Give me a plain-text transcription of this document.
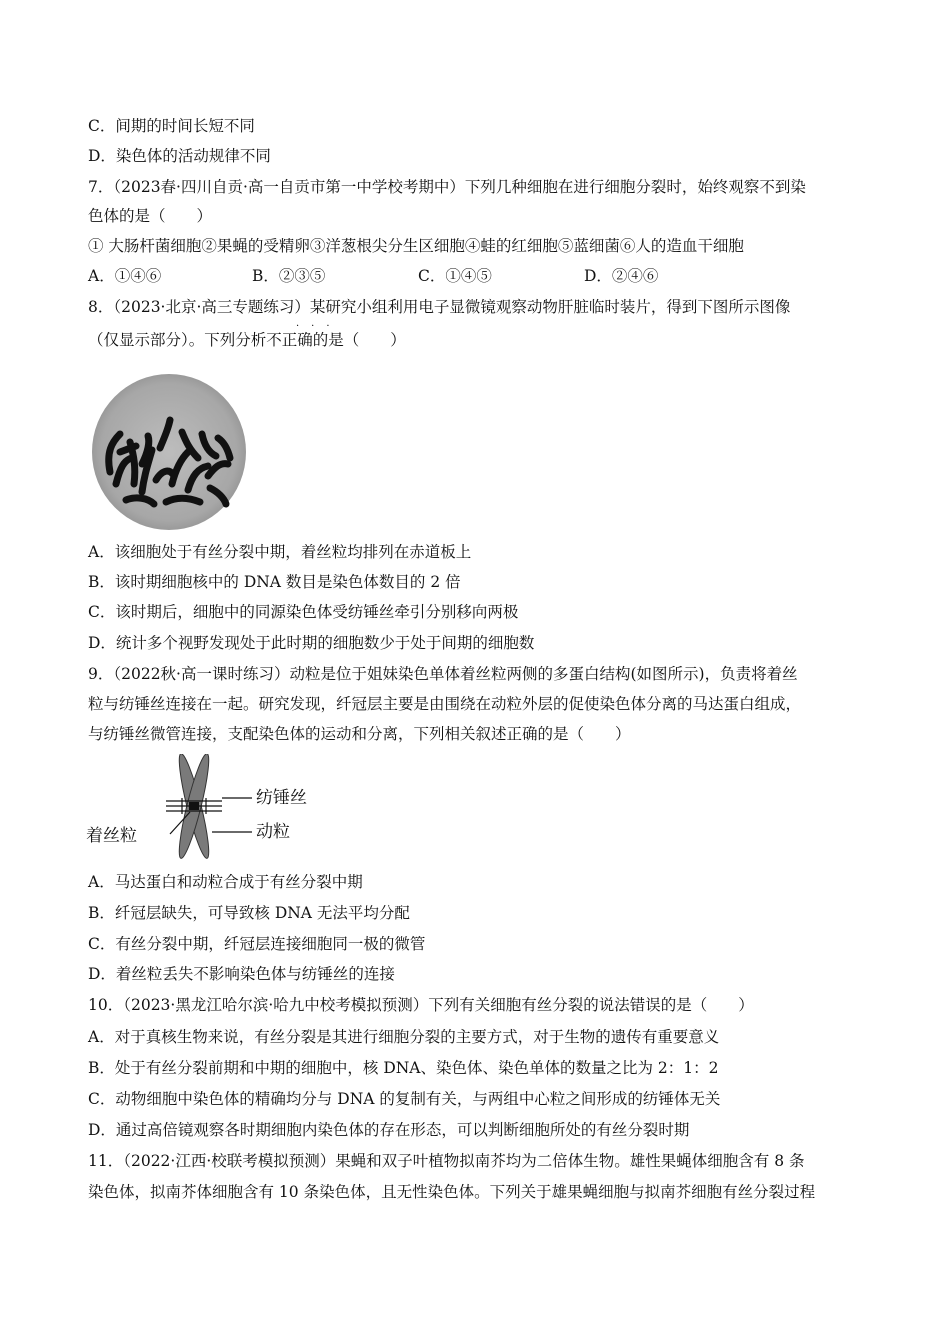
C．间期的时间长短不同
D．染色体的活动规律不同
7．（2023春·四川自贡·高一自贡市第一中学校考期中）下列几种细胞在进行细胞分裂时，始终观察不到染
色体的是（　　）
① 大肠杆菌细胞②果蝇的受精卵③洋葱根尖分生区细胞④蛙的红细胞⑤蓝细菌⑥人的造血干细胞
A．①④⑥	B．②③⑤	C．①④⑤	D．②④⑥
8．（2023·北京·高三专题练习）某研究小组利用电子显微镜观察动物肝脏临时装片，得到下图所示图像
···
（仅显示部分）。下列分析不正确的是（　　）
A．该细胞处于有丝分裂中期，着丝粒均排列在赤道板上
B．该时期细胞核中的 DNA 数目是染色体数目的 2 倍
C．该时期后，细胞中的同源染色体受纺锤丝牵引分别移向两极
D．统计多个视野发现处于此时期的细胞数少于处于间期的细胞数
9．（2022秋·高一课时练习）动粒是位于姐妹染色单体着丝粒两侧的多蛋白结构(如图所示)，负责将着丝
粒与纺锤丝连接在一起。研究发现，纤冠层主要是由围绕在动粒外层的促使染色体分离的马达蛋白组成，
与纺锤丝微管连接，支配染色体的运动和分离，下列相关叙述正确的是（　　）
纺锤丝
动粒
着丝粒
A．马达蛋白和动粒合成于有丝分裂中期
B．纤冠层缺失，可导致核 DNA 无法平均分配
C．有丝分裂中期，纤冠层连接细胞同一极的微管
D．着丝粒丢失不影响染色体与纺锤丝的连接
10．（2023·黑龙江哈尔滨·哈九中校考模拟预测）下列有关细胞有丝分裂的说法错误的是（　　）
A．对于真核生物来说，有丝分裂是其进行细胞分裂的主要方式，对于生物的遗传有重要意义
B．处于有丝分裂前期和中期的细胞中，核 DNA、染色体、染色单体的数量之比为 2：1：2
C．动物细胞中染色体的精确均分与 DNA 的复制有关，与两组中心粒之间形成的纺锤体无关
D．通过高倍镜观察各时期细胞内染色体的存在形态，可以判断细胞所处的有丝分裂时期
11．（2022·江西·校联考模拟预测）果蝇和双子叶植物拟南芥均为二倍体生物。雄性果蝇体细胞含有 8 条
染色体，拟南芥体细胞含有 10 条染色体，且无性染色体。下列关于雄果蝇细胞与拟南芥细胞有丝分裂过程
